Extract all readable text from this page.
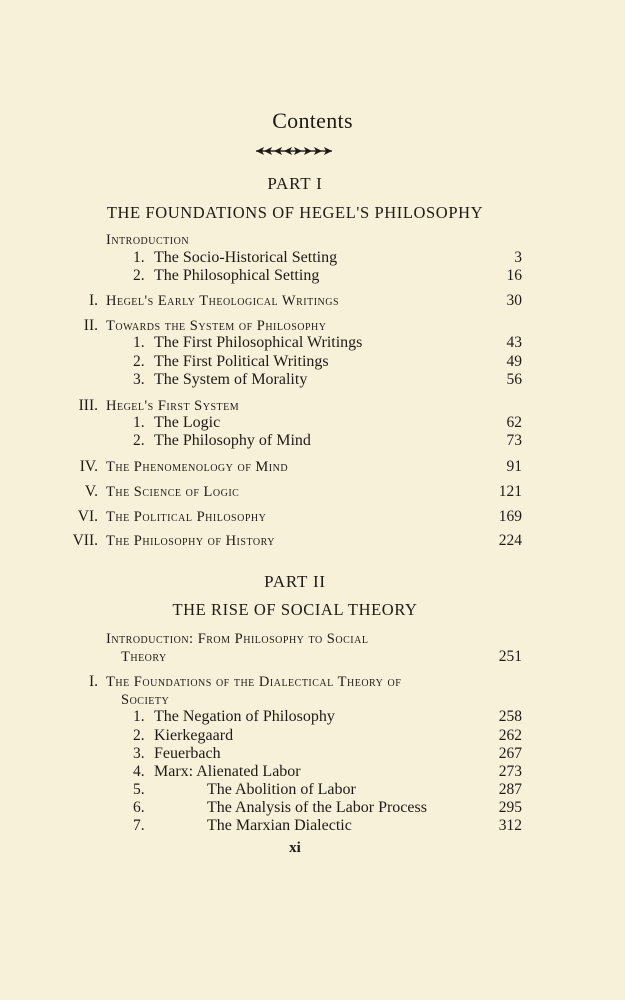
Contents
PART I
THE FOUNDATIONS OF HEGEL'S PHILOSOPHY
Introduction
1. The Socio-Historical Setting	3
2. The Philosophical Setting	16
I. Hegel's Early Theological Writings	30
II. Towards the System of Philosophy
1. The First Philosophical Writings	43
2. The First Political Writings	49
3. The System of Morality	56
III. Hegel's First System
1. The Logic	62
2. The Philosophy of Mind	73
IV. The Phenomenology of Mind	91
V. The Science of Logic	121
VI. The Political Philosophy	169
VII. The Philosophy of History	224
PART II
THE RISE OF SOCIAL THEORY
Introduction: From Philosophy to Social
Theory	251
I. The Foundations of the Dialectical Theory of
Society
1. The Negation of Philosophy	258
2. Kierkegaard	262
3. Feuerbach	267
4. Marx: Alienated Labor	273
5.	The Abolition of Labor	287
6.	The Analysis of the Labor Process	295
7.	The Marxian Dialectic	312
xi
